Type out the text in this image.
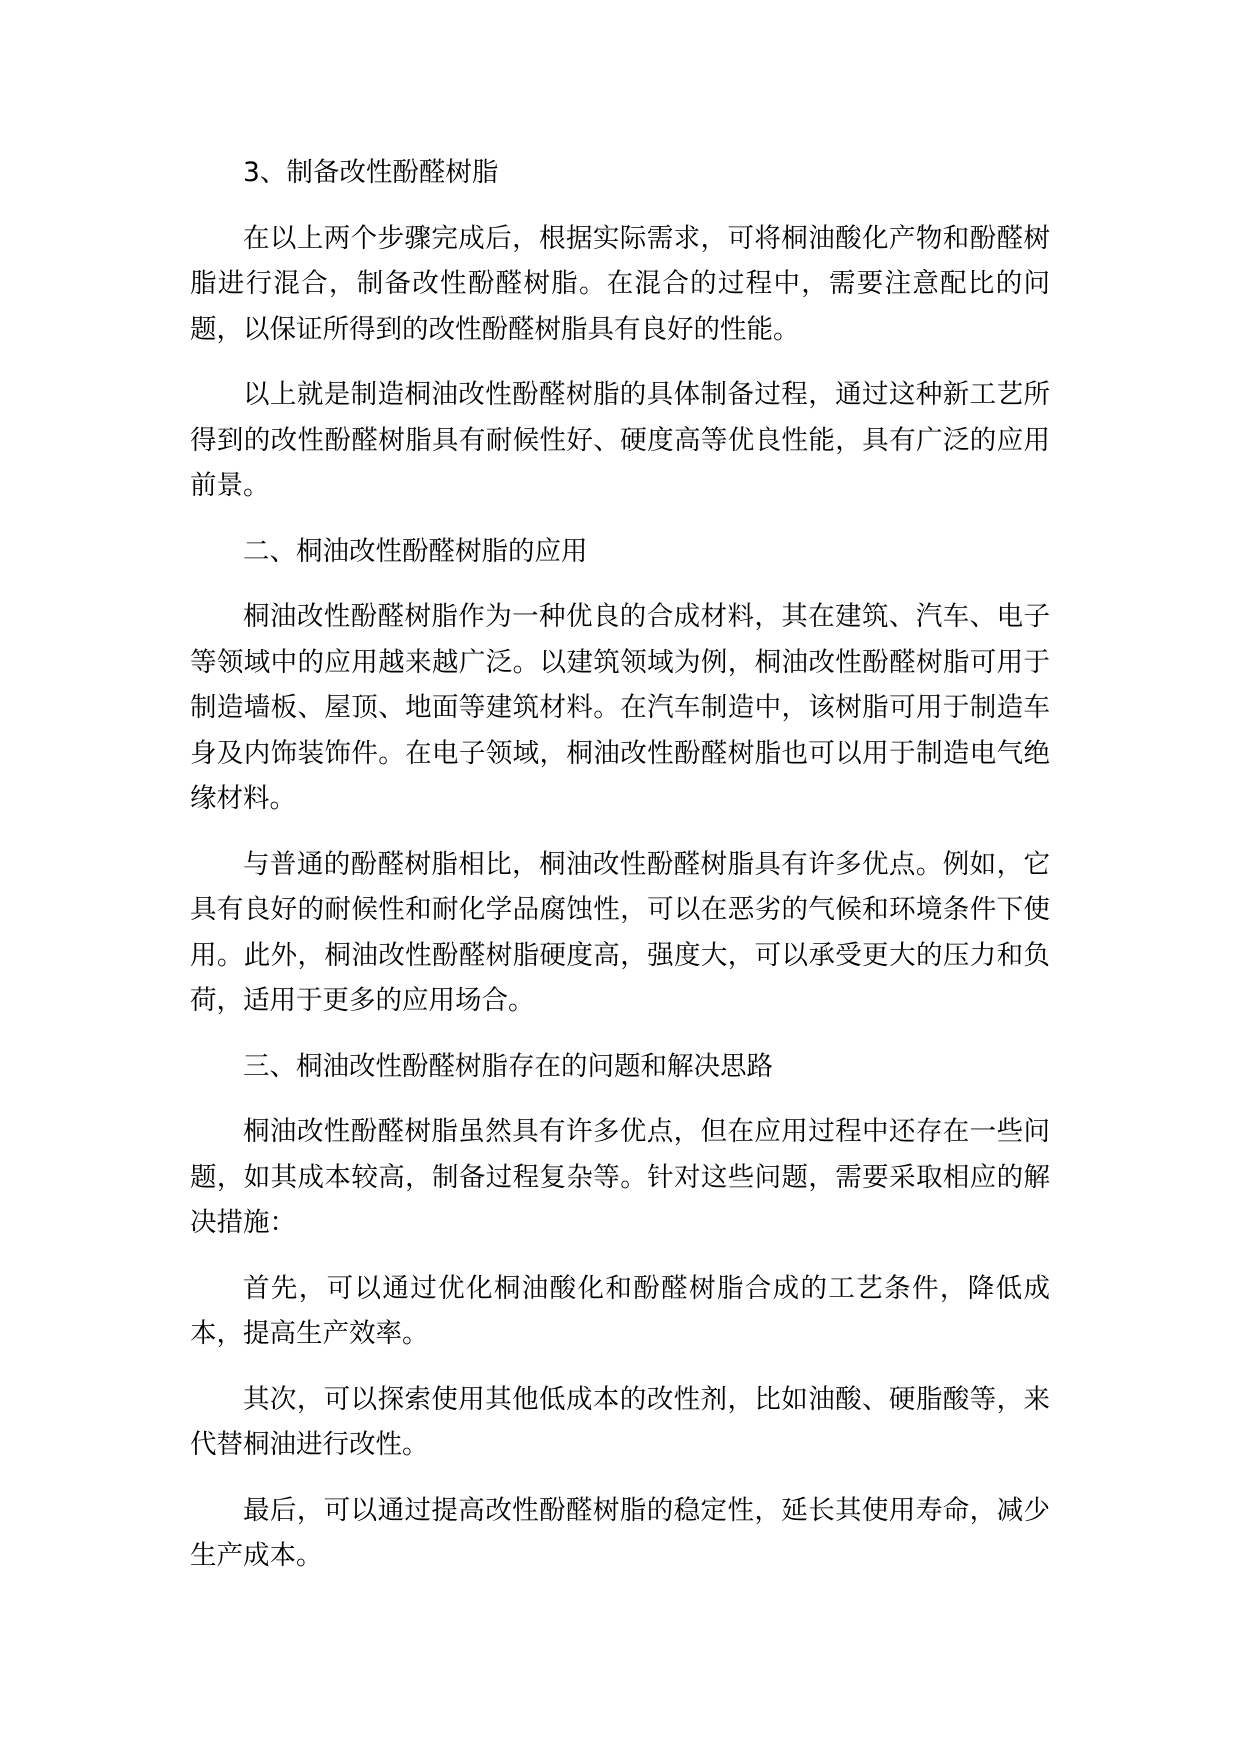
3、制备改性酚醛树脂

在以上两个步骤完成后，根据实际需求，可将桐油酸化产物和酚醛树脂进行混合，制备改性酚醛树脂。在混合的过程中，需要注意配比的问题，以保证所得到的改性酚醛树脂具有良好的性能。

以上就是制造桐油改性酚醛树脂的具体制备过程，通过这种新工艺所得到的改性酚醛树脂具有耐候性好、硬度高等优良性能，具有广泛的应用前景。

二、桐油改性酚醛树脂的应用

桐油改性酚醛树脂作为一种优良的合成材料，其在建筑、汽车、电子等领域中的应用越来越广泛。以建筑领域为例，桐油改性酚醛树脂可用于制造墙板、屋顶、地面等建筑材料。在汽车制造中，该树脂可用于制造车身及内饰装饰件。在电子领域，桐油改性酚醛树脂也可以用于制造电气绝缘材料。

与普通的酚醛树脂相比，桐油改性酚醛树脂具有许多优点。例如，它具有良好的耐候性和耐化学品腐蚀性，可以在恶劣的气候和环境条件下使用。此外，桐油改性酚醛树脂硬度高，强度大，可以承受更大的压力和负荷，适用于更多的应用场合。

三、桐油改性酚醛树脂存在的问题和解决思路

桐油改性酚醛树脂虽然具有许多优点，但在应用过程中还存在一些问题，如其成本较高，制备过程复杂等。针对这些问题，需要采取相应的解决措施：

首先，可以通过优化桐油酸化和酚醛树脂合成的工艺条件，降低成本，提高生产效率。

其次，可以探索使用其他低成本的改性剂，比如油酸、硬脂酸等，来代替桐油进行改性。

最后，可以通过提高改性酚醛树脂的稳定性，延长其使用寿命，减少生产成本。
